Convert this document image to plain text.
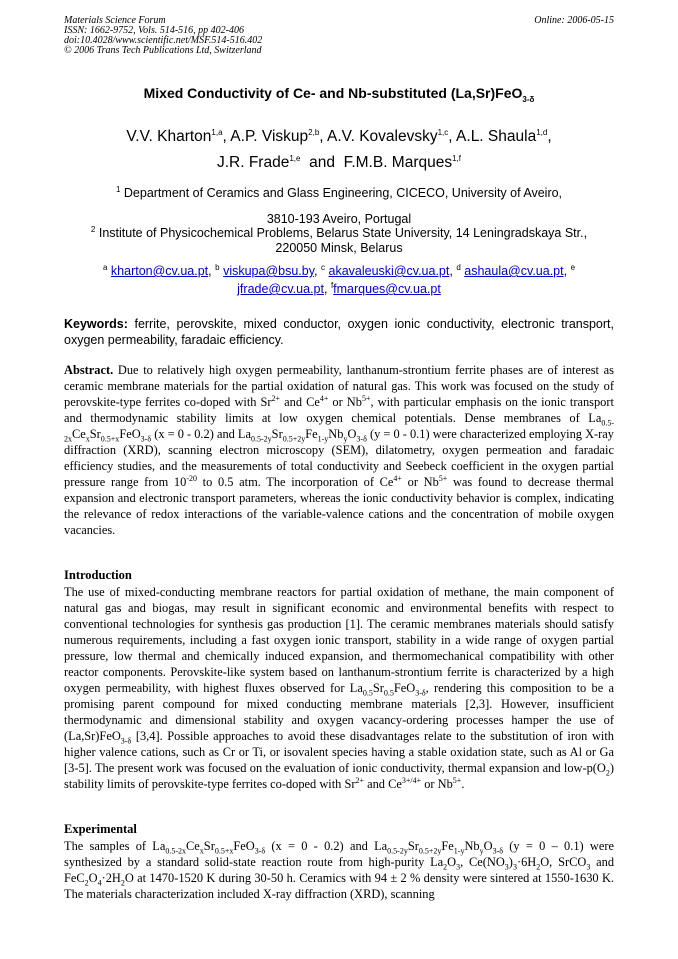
Materials Science Forum
ISSN: 1662-9752, Vols. 514-516, pp 402-406
doi:10.4028/www.scientific.net/MSF.514-516.402
© 2006 Trans Tech Publications Ltd, Switzerland
Online: 2006-05-15
Mixed Conductivity of Ce- and Nb-substituted (La,Sr)FeO$_{3-\delta}$
V.V. Kharton$^{1,a}$, A.P. Viskup$^{2,b}$, A.V. Kovalevsky$^{1,c}$, A.L. Shaula$^{1,d}$,
J.R. Frade$^{1,e}$ and F.M.B. Marques$^{1,f}$
$^1$ Department of Ceramics and Glass Engineering, CICECO, University of Aveiro,
3810-193 Aveiro, Portugal
$^2$ Institute of Physicochemical Problems, Belarus State University, 14 Leningradskaya Str.,
220050 Minsk, Belarus
$^a$ kharton@cv.ua.pt, $^b$ viskupa@bsu.by, $^c$ akavaleuski@cv.ua.pt, $^d$ ashaula@cv.ua.pt, $^e$
jfrade@cv.ua.pt, $^f$fmarques@cv.ua.pt
Keywords: ferrite, perovskite, mixed conductor, oxygen ionic conductivity, electronic transport, oxygen permeability, faradaic efficiency.
Abstract. Due to relatively high oxygen permeability, lanthanum-strontium ferrite phases are of interest as ceramic membrane materials for the partial oxidation of natural gas. This work was focused on the study of perovskite-type ferrites co-doped with $Sr^{2+}$ and $Ce^{4+}$ or $Nb^{5+}$, with particular emphasis on the ionic transport and thermodynamic stability limits at low oxygen chemical potentials. Dense membranes of $La_{0.5-2x}Ce_xSr_{0.5+x}FeO_{3-\delta}$ (x = 0 - 0.2) and $La_{0.5-2y}Sr_{0.5+2y}Fe_{1-y}Nb_yO_{3-\delta}$ (y = 0 - 0.1) were characterized employing X-ray diffraction (XRD), scanning electron microscopy (SEM), dilatometry, oxygen permeation and faradaic efficiency studies, and the measurements of total conductivity and Seebeck coefficient in the oxygen partial pressure range from $10^{-20}$ to 0.5 atm. The incorporation of $Ce^{4+}$ or $Nb^{5+}$ was found to decrease thermal expansion and electronic transport parameters, whereas the ionic conductivity behavior is complex, indicating the relevance of redox interactions of the variable-valence cations and the concentration of mobile oxygen vacancies.
Introduction
The use of mixed-conducting membrane reactors for partial oxidation of methane, the main component of natural gas and biogas, may result in significant economic and environmental benefits with respect to conventional technologies for synthesis gas production [1]. The ceramic membranes materials should satisfy numerous requirements, including a fast oxygen ionic transport, stability in a wide range of oxygen partial pressure, low thermal and chemically induced expansion, and thermomechanical compatibility with other reactor components. Perovskite-like system based on lanthanum-strontium ferrite is characterized by a high oxygen permeability, with highest fluxes observed for $La_{0.5}Sr_{0.5}FeO_{3-\delta}$, rendering this composition to be a promising parent compound for mixed conducting membrane materials [2,3]. However, insufficient thermodynamic and dimensional stability and oxygen vacancy-ordering processes hamper the use of (La,Sr)FeO$_{3-\delta}$ [3,4]. Possible approaches to avoid these disadvantages relate to the substitution of iron with higher valence cations, such as Cr or Ti, or isovalent species having a stable oxidation state, such as Al or Ga [3-5]. The present work was focused on the evaluation of ionic conductivity, thermal expansion and low-$p(O_2)$ stability limits of perovskite-type ferrites co-doped with $Sr^{2+}$ and $Ce^{3+/4+}$ or $Nb^{5+}$.
Experimental
The samples of $La_{0.5-2x}Ce_xSr_{0.5+x}FeO_{3-\delta}$ (x = 0 - 0.2) and $La_{0.5-2y}Sr_{0.5+2y}Fe_{1-y}Nb_yO_{3-\delta}$ (y = 0 – 0.1) were synthesized by a standard solid-state reaction route from high-purity $La_2O_3$, $Ce(NO_3)_3\cdot 6H_2O$, SrCO$_3$ and $FeC_2O_4\cdot 2H_2O$ at 1470-1520 K during 30-50 h. Ceramics with 94 ± 2 % density were sintered at 1550-1630 K. The materials characterization included X-ray diffraction (XRD), scanning
